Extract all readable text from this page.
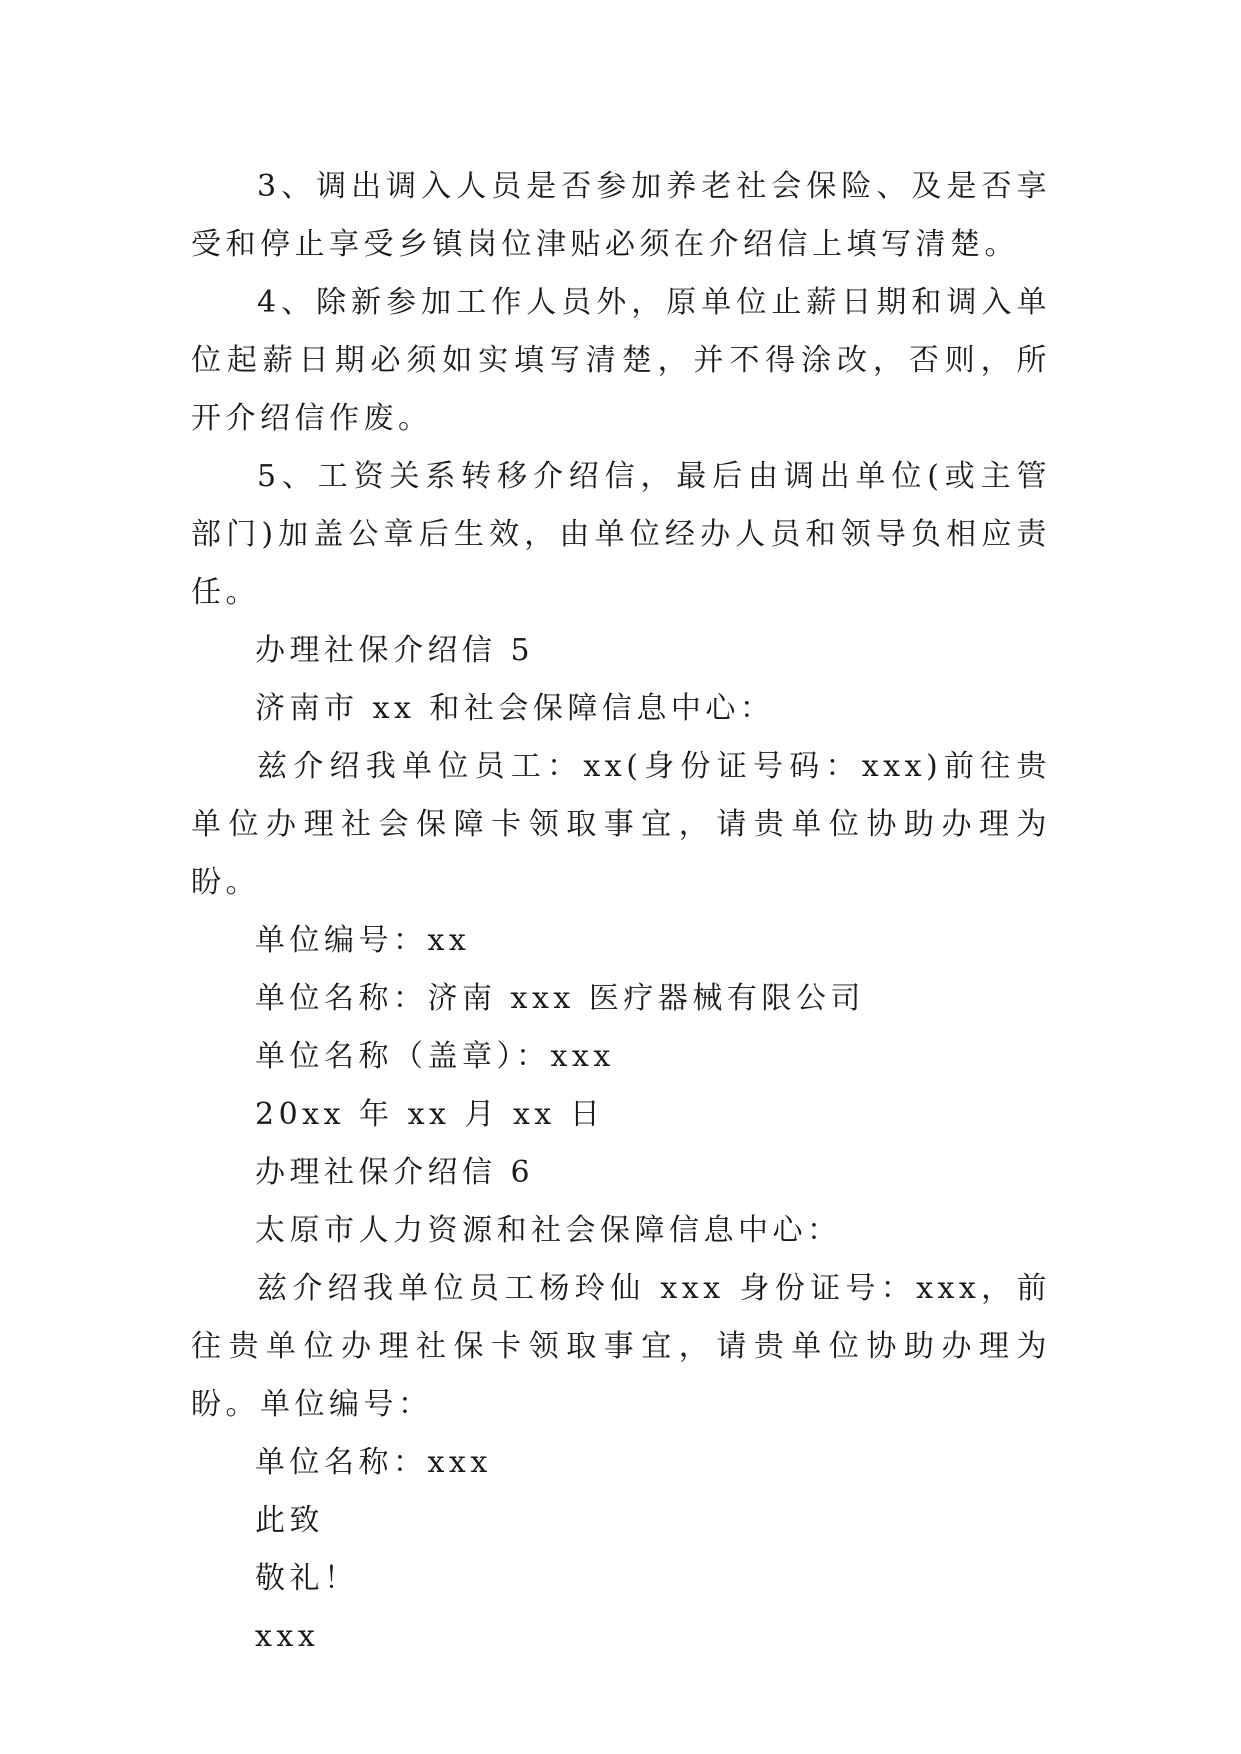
3、调出调入人员是否参加养老社会保险、及是否享受和停止享受乡镇岗位津贴必须在介绍信上填写清楚。

4、除新参加工作人员外，原单位止薪日期和调入单位起薪日期必须如实填写清楚，并不得涂改，否则，所开介绍信作废。

5、工资关系转移介绍信，最后由调出单位(或主管部门)加盖公章后生效，由单位经办人员和领导负相应责任。

办理社保介绍信 5

济南市 xx 和社会保障信息中心：

兹介绍我单位员工：xx(身份证号码：xxx)前往贵单位办理社会保障卡领取事宜，请贵单位协助办理为盼。

单位编号：xx

单位名称：济南 xxx 医疗器械有限公司

单位名称（盖章）：xxx

20xx 年 xx 月 xx 日

办理社保介绍信 6

太原市人力资源和社会保障信息中心：

兹介绍我单位员工杨玲仙 xxx 身份证号：xxx，前往贵单位办理社保卡领取事宜，请贵单位协助办理为盼。单位编号：

单位名称：xxx

此致

敬礼！

xxx
